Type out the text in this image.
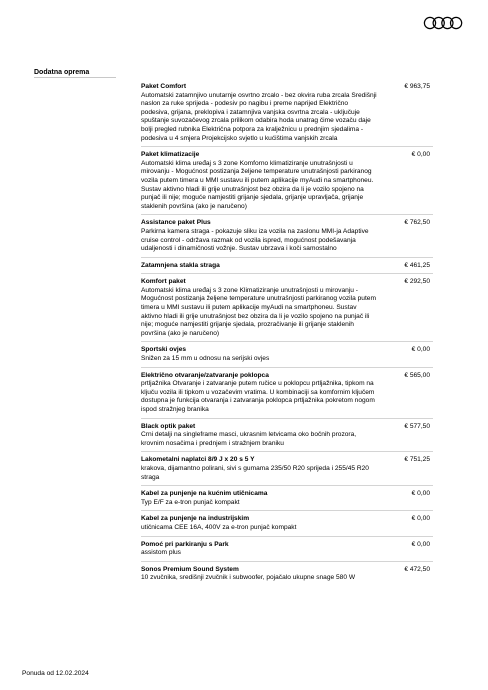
Dodatna oprema
Paket Comfort
Automatski zatamnjivo unutarnje osvrtno zrcalo - bez okvira ruba zrcala Središnji naslon za ruke sprijeda - podesiv po nagibu i preme naprijed Električno podesiva, grijana, preklopiva i zatamnjiva vanjska osvrtna zrcala - uključuje spuštanje suvozačevog zrcala prilikom odabira hoda unatrag čime vozaču daje bolji pregled rubnika Električna potpora za kralježnicu u prednjim sjedalima - podesiva u 4 smjera Projekcijsko svjetlo u kućištima vanjskih zrcala
€ 963,75
Paket klimatizacije
Automatski klima uređaj s 3 zone Komforno klimatiziranje unutrašnjosti u mirovanju - Mogućnost postizanja željene temperature unutrašnjosti parkiranog vozila putem timera u MMI sustavu ili putem aplikacije myAudi na smartphoneu. Sustav aktivno hladi ili grije unutrašnjost bez obzira da li je vozilo spojeno na punjač ili nije; moguće namjestiti grijanje sjedala, grijanje upravljača, grijanje staklenih površina (ako je naručeno)
€ 0,00
Assistance paket Plus
Parkirna kamera straga - pokazuje sliku iza vozila na zaslonu MMI-ja Adaptive cruise control - održava razmak od vozila ispred, mogućnost podešavanja udaljenosti i dinamičnosti vožnje. Sustav ubrzava i koči samostalno
€ 762,50
Zatamnjena stakla straga	€ 461,25
Komfort paket
Automatski klima uređaj s 3 zone Klimatiziranje unutrašnjosti u mirovanju - Mogućnost postizanja željene temperature unutrašnjosti parkiranog vozila putem timera u MMI sustavu ili putem aplikacije myAudi na smartphoneu. Sustav aktivno hladi ili grije unutrašnjost bez obzira da li je vozilo spojeno na punjač ili nije; moguće namjestiti grijanje sjedala, prozračivanje ili grijanje staklenih površina (ako je naručeno)
€ 292,50
Sportski ovjes
Snižen za 15 mm u odnosu na serijski ovjes
€ 0,00
Električno otvaranje/zatvaranje poklopca
prtljažnika Otvaranje i zatvaranje putem ručice u poklopcu prtljažnika, tipkom na ključu vozila ili tipkom u vozačevim vratima. U kombinaciji sa komfornim ključem dostupna je funkcija otvaranja i zatvaranja poklopca prtljažnika pokretom nogom ispod stražnjeg branika
€ 565,00
Black optik paket
Crni detalji na singleframe masci, ukrasnim letvicama oko bočnih prozora, krovnim nosačima i prednjem i stražnjem braniku
€ 577,50
Lakometalni naplatci 8/9 J x 20 s 5 Y
krakova, dijamantno polirani, sivi s gumama 235/50 R20 sprijeda i 255/45 R20 straga
€ 751,25
Kabel za punjenje na kućnim utičnicama
Typ E/F za e-tron punjač kompakt
€ 0,00
Kabel za punjenje na industrijskim
utičnicama CEE 16A, 400V za e-tron punjač kompakt
€ 0,00
Pomoć pri parkiranju s Park
assistom plus
€ 0,00
Sonos Premium Sound System
10 zvučnika, središnji zvučnik i subwoofer, pojačalo ukupne snage 580 W
€ 472,50
Ponuda od 12.02.2024
